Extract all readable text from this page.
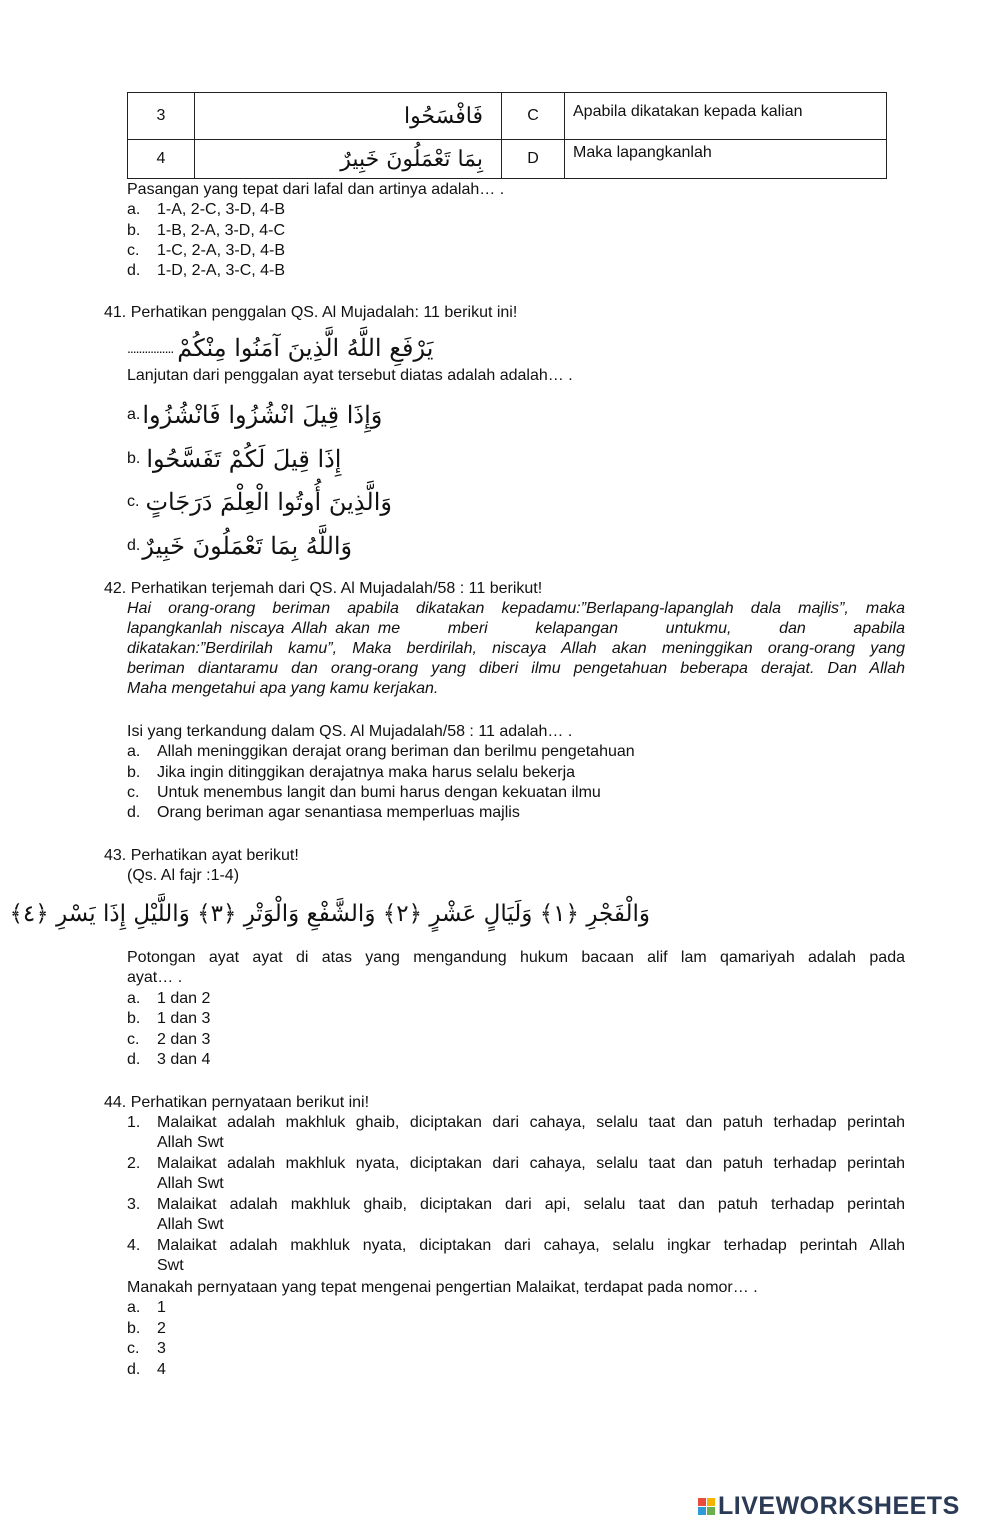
3	فَافْسَحُوا	C	Apabila dikatakan kepada kalian
4	بِمَا تَعْمَلُونَ خَبِيرٌ	D	Maka lapangkanlah
Pasangan yang tepat dari lafal dan artinya adalah… .
a. 1-A, 2-C, 3-D, 4-B
b. 1-B, 2-A, 3-D, 4-C
c. 1-C, 2-A, 3-D, 4-B
d. 1-D, 2-A, 3-C, 4-B
41. Perhatikan penggalan QS. Al Mujadalah: 11 berikut ini!
................ يَرْفَعِ اللَّهُ الَّذِينَ آمَنُوا مِنْكُمْ
Lanjutan dari penggalan ayat tersebut diatas adalah adalah… .
a. وَإِذَا قِيلَ انْشُزُوا فَانْشُزُوا
b. إِذَا قِيلَ لَكُمْ تَفَسَّحُوا
c. وَالَّذِينَ أُوتُوا الْعِلْمَ دَرَجَاتٍ
d. وَاللَّهُ بِمَا تَعْمَلُونَ خَبِيرٌ
42. Perhatikan terjemah dari QS. Al Mujadalah/58 : 11 berikut!
Hai orang-orang beriman apabila dikatakan kepadamu:”Berlapang-lapanglah dala majlis”, maka
lapangkanlah niscaya Allah akan me      mberi      kelapangan      untukmu,      dan      apabila
dikatakan:”Berdirilah kamu”, Maka berdirilah, niscaya Allah akan meninggikan orang-orang yang
beriman diantaramu dan orang-orang yang diberi ilmu pengetahuan beberapa derajat. Dan Allah
Maha mengetahui apa yang kamu kerjakan.
Isi yang terkandung dalam QS. Al Mujadalah/58 : 11 adalah… .
a. Allah meninggikan derajat orang beriman dan berilmu pengetahuan
b. Jika ingin ditinggikan derajatnya maka harus selalu bekerja
c. Untuk menembus langit dan bumi harus dengan kekuatan ilmu
d. Orang beriman agar senantiasa memperluas majlis
43. Perhatikan ayat berikut!
(Qs. Al fajr :1-4)
وَالْفَجْرِ ﴿١﴾ وَلَيَالٍ عَشْرٍ ﴿٢﴾ وَالشَّفْعِ وَالْوَتْرِ ﴿٣﴾ وَاللَّيْلِ إِذَا يَسْرِ ﴿٤﴾
Potongan ayat ayat di atas yang mengandung hukum bacaan alif lam qamariyah adalah pada
ayat… .
a. 1 dan 2
b. 1 dan 3
c. 2 dan 3
d. 3 dan 4
44. Perhatikan pernyataan berikut ini!
1. Malaikat adalah makhluk ghaib, diciptakan dari cahaya, selalu taat dan patuh terhadap perintah
Allah Swt
2. Malaikat adalah makhluk nyata, diciptakan dari cahaya, selalu taat dan patuh terhadap perintah
Allah Swt
3. Malaikat adalah makhluk ghaib, diciptakan dari api, selalu taat dan patuh terhadap perintah
Allah Swt
4. Malaikat adalah makhluk nyata, diciptakan dari cahaya, selalu ingkar terhadap perintah Allah
Swt
Manakah pernyataan yang tepat mengenai pengertian Malaikat, terdapat pada nomor… .
a. 1
b. 2
c. 3
d. 4
LIVEWORKSHEETS
